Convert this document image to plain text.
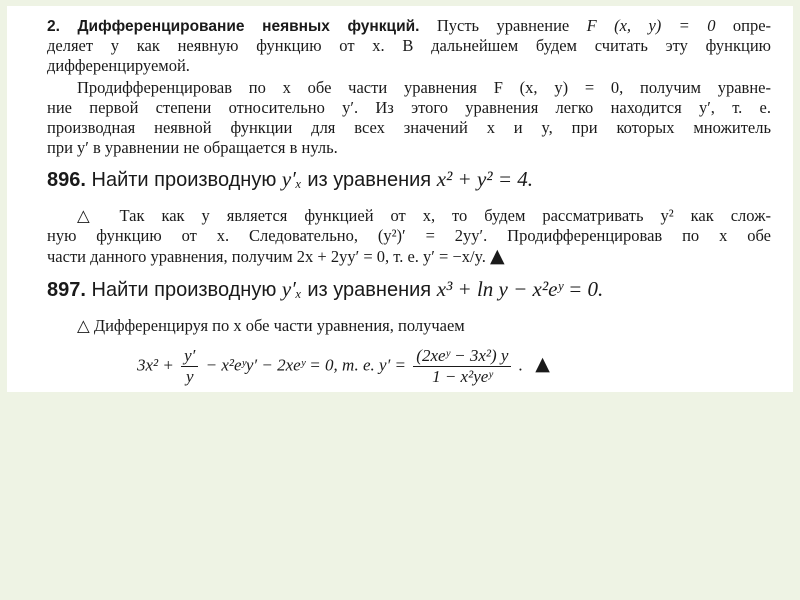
2. Дифференцирование неявных функций. Пусть уравнение F (x, y) = 0 опре-
деляет y как неявную функцию от x. В дальнейшем будем считать эту функцию
дифференцируемой.
Продифференцировав по x обе части уравнения F (x, y) = 0, получим уравне-
ние первой степени относительно y′. Из этого уравнения легко находится y′, т. е.
производная неявной функции для всех значений x и y, при которых множитель
при y′ в уравнении не обращается в нуль.
896. Найти производную y′ₓ из уравнения x² + y² = 4.
△ Так как y является функцией от x, то будем рассматривать y² как слож-
ную функцию от x. Следовательно, (y²)′ = 2yy′. Продифференцировав по x обе
части данного уравнения, получим 2x + 2yy′ = 0, т. е. y′ = −x/y. ▲
897. Найти производную y′ₓ из уравнения x³ + ln y − x²eʸ = 0.
△ Дифференцируя по x обе части уравнения, получаем
$3x^2 + \frac{y'}{y}$ − x²eʸy′ − 2xeʸ = 0, т. е. $y' = \frac{\text{(2xeʸ − 3x²) y}}{\text{1 − x²yeʸ}}$ . ▲
